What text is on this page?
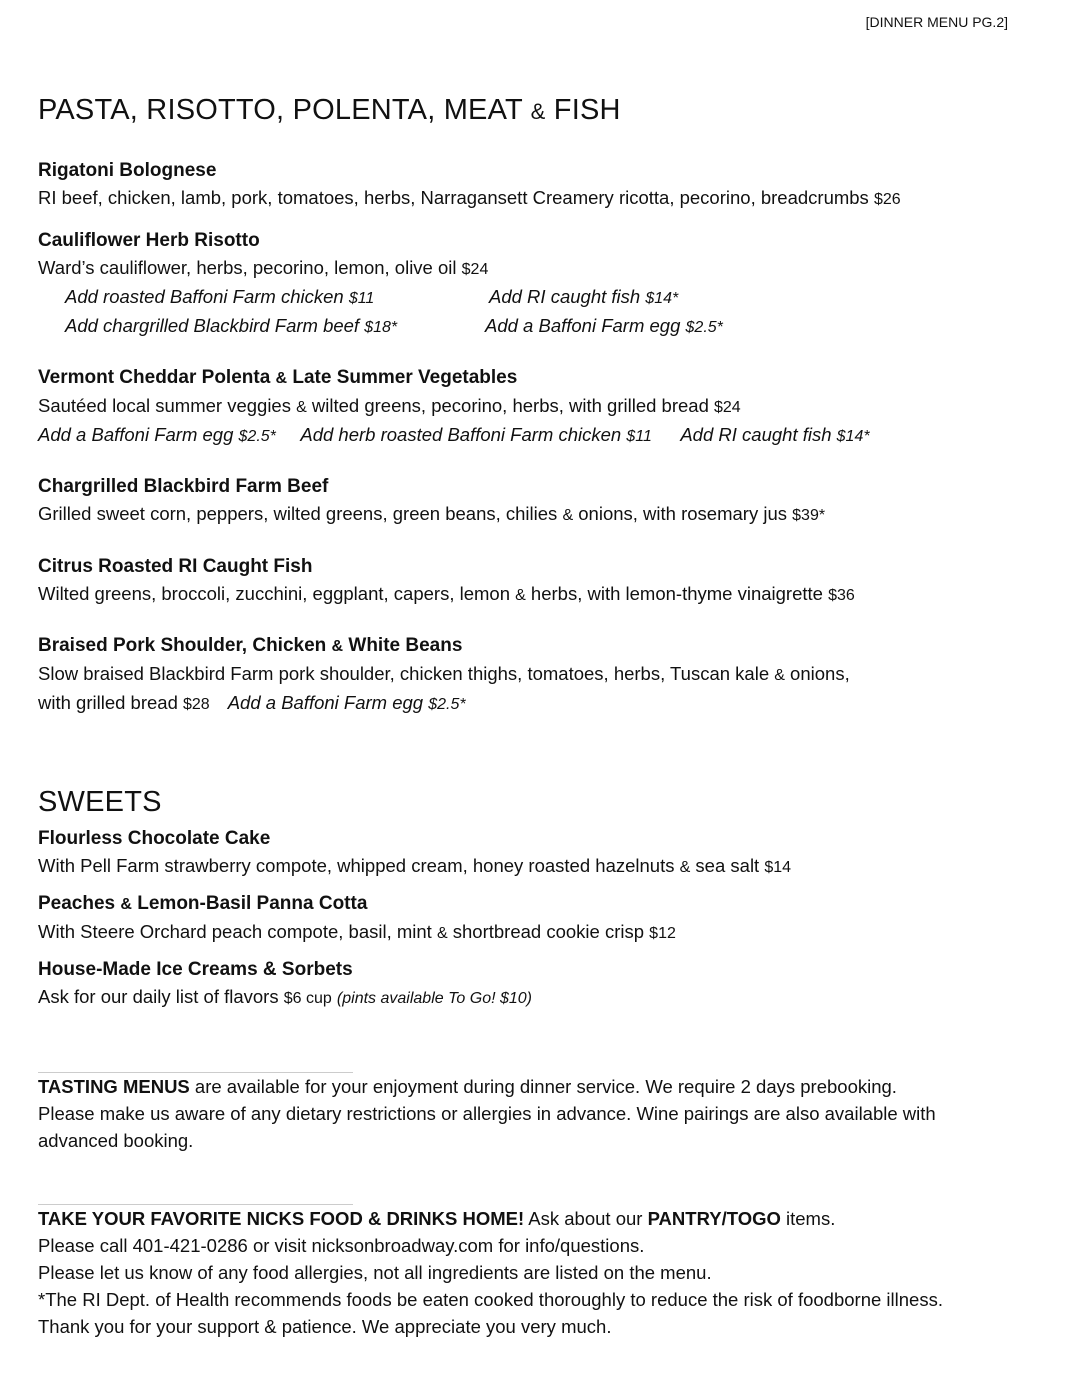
[DINNER MENU PG.2]
PASTA, RISOTTO, POLENTA, MEAT & FISH
Rigatoni Bolognese
RI beef, chicken, lamb, pork, tomatoes, herbs, Narragansett Creamery ricotta, pecorino, breadcrumbs $26
Cauliflower Herb Risotto
Ward’s cauliflower, herbs, pecorino, lemon, olive oil $24
Add roasted Baffoni Farm chicken $11	Add RI caught fish $14*
Add chargrilled Blackbird Farm beef $18*	Add a Baffoni Farm egg $2.5*
Vermont Cheddar Polenta & Late Summer Vegetables
Sautéed local summer veggies & wilted greens, pecorino, herbs, with grilled bread $24
Add a Baffoni Farm egg $2.5* Add herb roasted Baffoni Farm chicken $11 Add RI caught fish $14*
Chargrilled Blackbird Farm Beef
Grilled sweet corn, peppers, wilted greens, green beans, chilies & onions, with rosemary jus $39*
Citrus Roasted RI Caught Fish
Wilted greens, broccoli, zucchini, eggplant, capers, lemon & herbs, with lemon-thyme vinaigrette $36
Braised Pork Shoulder, Chicken & White Beans
Slow braised Blackbird Farm pork shoulder, chicken thighs, tomatoes, herbs, Tuscan kale & onions,
with grilled bread $28 Add a Baffoni Farm egg $2.5*
SWEETS
Flourless Chocolate Cake
With Pell Farm strawberry compote, whipped cream, honey roasted hazelnuts & sea salt $14
Peaches & Lemon-Basil Panna Cotta
With Steere Orchard peach compote, basil, mint & shortbread cookie crisp $12
House-Made Ice Creams & Sorbets
Ask for our daily list of flavors $6 cup (pints available To Go! $10)

TASTING MENUS are available for your enjoyment during dinner service. We require 2 days prebooking.

Please make us aware of any dietary restrictions or allergies in advance. Wine pairings are also available with

advanced booking.

TAKE YOUR FAVORITE NICKS FOOD & DRINKS HOME! Ask about our PANTRY/TOGO items.

Please call 401-421-0286 or visit nicksonbroadway.com for info/questions.

Please let us know of any food allergies, not all ingredients are listed on the menu.

*The RI Dept. of Health recommends foods be eaten cooked thoroughly to reduce the risk of foodborne illness.

Thank you for your support & patience. We appreciate you very much.
